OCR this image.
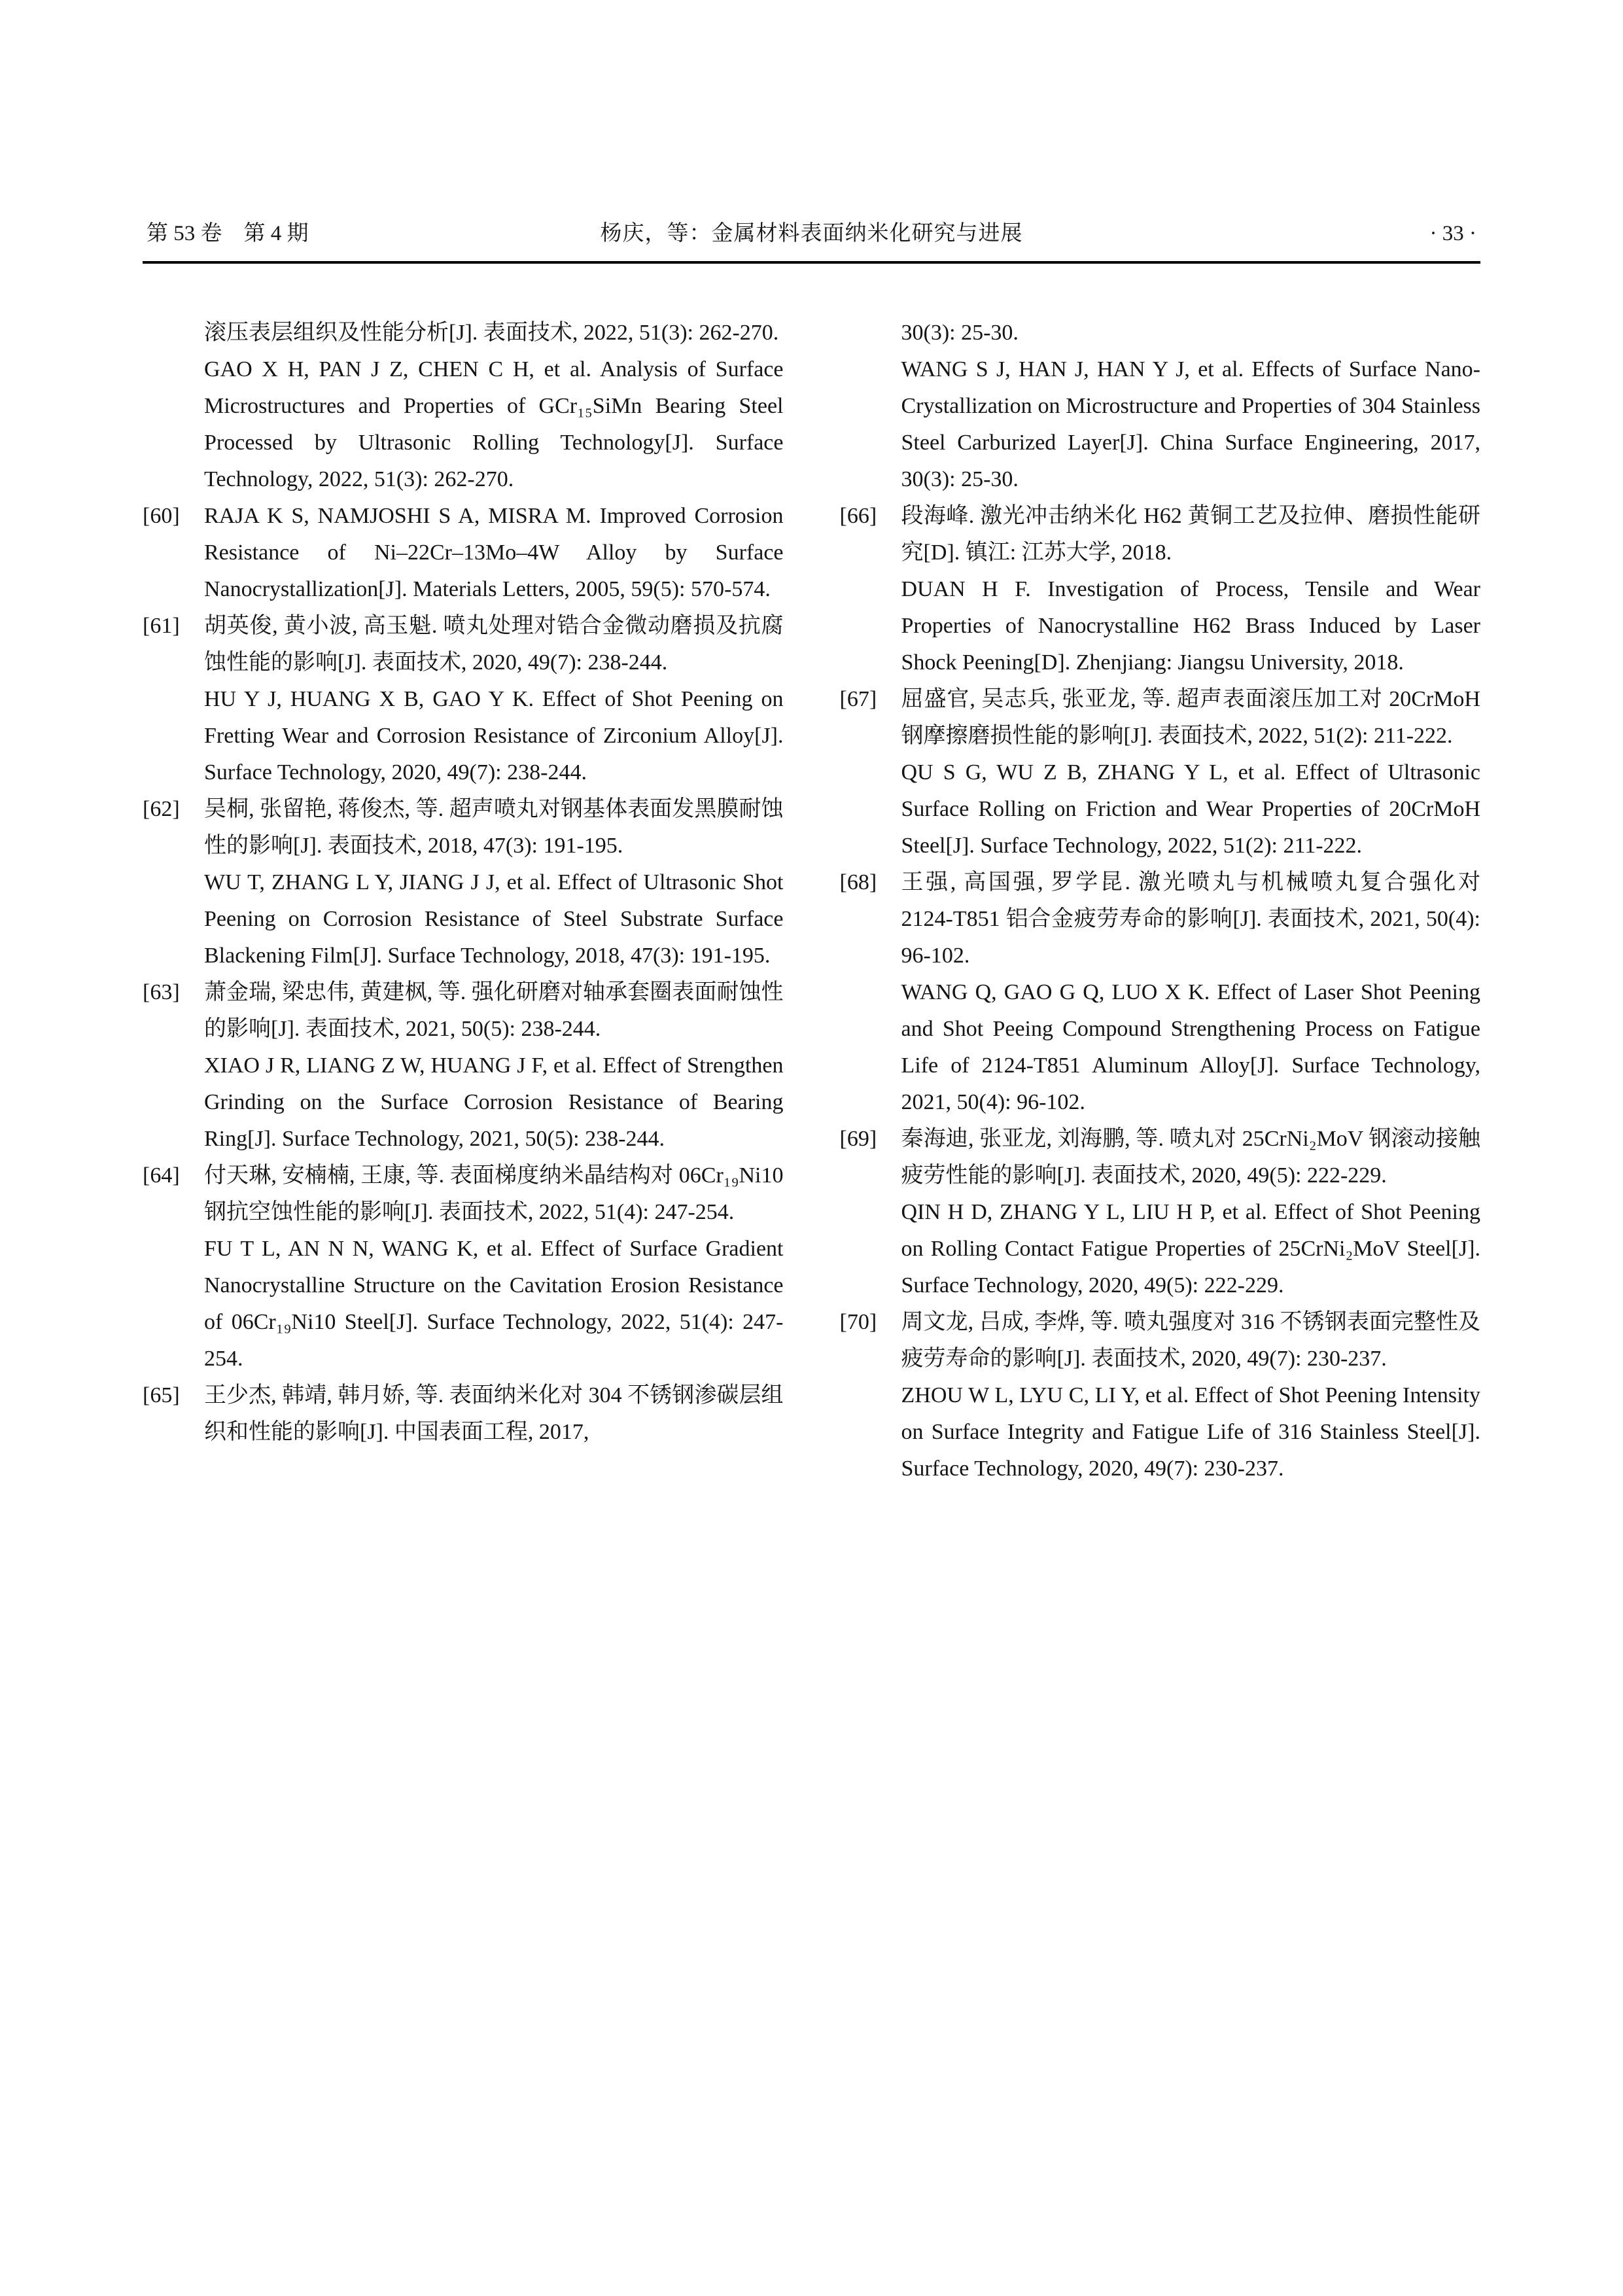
第 53 卷　第 4 期	杨庆，等：金属材料表面纳米化研究与进展	· 33 ·

滚压表层组织及性能分析[J]. 表面技术, 2022, 51(3): 262-270.

GAO X H, PAN J Z, CHEN C H, et al. Analysis of Surface Microstructures and Properties of GCr₁₅SiMn Bearing Steel Processed by Ultrasonic Rolling Technology[J]. Surface Technology, 2022, 51(3): 262-270.

[60]	RAJA K S, NAMJOSHI S A, MISRA M. Improved Corrosion Resistance of Ni–22Cr–13Mo–4W Alloy by Surface Nanocrystallization[J]. Materials Letters, 2005, 59(5): 570-574.

[61]	胡英俊, 黄小波, 高玉魁. 喷丸处理对锆合金微动磨损及抗腐蚀性能的影响[J]. 表面技术, 2020, 49(7): 238-244.

HU Y J, HUANG X B, GAO Y K. Effect of Shot Peening on Fretting Wear and Corrosion Resistance of Zirconium Alloy[J]. Surface Technology, 2020, 49(7): 238-244.

[62]	吴桐, 张留艳, 蒋俊杰, 等. 超声喷丸对钢基体表面发黑膜耐蚀性的影响[J]. 表面技术, 2018, 47(3): 191-195.

WU T, ZHANG L Y, JIANG J J, et al. Effect of Ultrasonic Shot Peening on Corrosion Resistance of Steel Substrate Surface Blackening Film[J]. Surface Technology, 2018, 47(3): 191-195.

[63]	萧金瑞, 梁忠伟, 黄建枫, 等. 强化研磨对轴承套圈表面耐蚀性的影响[J]. 表面技术, 2021, 50(5): 238-244.

XIAO J R, LIANG Z W, HUANG J F, et al. Effect of Strengthen Grinding on the Surface Corrosion Resistance of Bearing Ring[J]. Surface Technology, 2021, 50(5): 238-244.

[64]	付天琳, 安楠楠, 王康, 等. 表面梯度纳米晶结构对 06Cr₁₉Ni10 钢抗空蚀性能的影响[J]. 表面技术, 2022, 51(4): 247-254.

FU T L, AN N N, WANG K, et al. Effect of Surface Gradient Nanocrystalline Structure on the Cavitation Erosion Resistance of 06Cr₁₉Ni10 Steel[J]. Surface Technology, 2022, 51(4): 247-254.

[65]	王少杰, 韩靖, 韩月娇, 等. 表面纳米化对 304 不锈钢渗碳层组织和性能的影响[J]. 中国表面工程, 2017,

30(3): 25-30.

WANG S J, HAN J, HAN Y J, et al. Effects of Surface Nano-Crystallization on Microstructure and Properties of 304 Stainless Steel Carburized Layer[J]. China Surface Engineering, 2017, 30(3): 25-30.

[66]	段海峰. 激光冲击纳米化 H62 黄铜工艺及拉伸、磨损性能研究[D]. 镇江: 江苏大学, 2018.

DUAN H F. Investigation of Process, Tensile and Wear Properties of Nanocrystalline H62 Brass Induced by Laser Shock Peening[D]. Zhenjiang: Jiangsu University, 2018.

[67]	屈盛官, 吴志兵, 张亚龙, 等. 超声表面滚压加工对 20CrMoH 钢摩擦磨损性能的影响[J]. 表面技术, 2022, 51(2): 211-222.

QU S G, WU Z B, ZHANG Y L, et al. Effect of Ultrasonic Surface Rolling on Friction and Wear Properties of 20CrMoH Steel[J]. Surface Technology, 2022, 51(2): 211-222.

[68]	王强, 高国强, 罗学昆. 激光喷丸与机械喷丸复合强化对 2124-T851 铝合金疲劳寿命的影响[J]. 表面技术, 2021, 50(4): 96-102.

WANG Q, GAO G Q, LUO X K. Effect of Laser Shot Peening and Shot Peeing Compound Strengthening Process on Fatigue Life of 2124-T851 Aluminum Alloy[J]. Surface Technology, 2021, 50(4): 96-102.

[69]	秦海迪, 张亚龙, 刘海鹏, 等. 喷丸对 25CrNi₂MoV 钢滚动接触疲劳性能的影响[J]. 表面技术, 2020, 49(5): 222-229.

QIN H D, ZHANG Y L, LIU H P, et al. Effect of Shot Peening on Rolling Contact Fatigue Properties of 25CrNi₂MoV Steel[J]. Surface Technology, 2020, 49(5): 222-229.

[70]	周文龙, 吕成, 李烨, 等. 喷丸强度对 316 不锈钢表面完整性及疲劳寿命的影响[J]. 表面技术, 2020, 49(7): 230-237.

ZHOU W L, LYU C, LI Y, et al. Effect of Shot Peening Intensity on Surface Integrity and Fatigue Life of 316 Stainless Steel[J]. Surface Technology, 2020, 49(7): 230-237.
